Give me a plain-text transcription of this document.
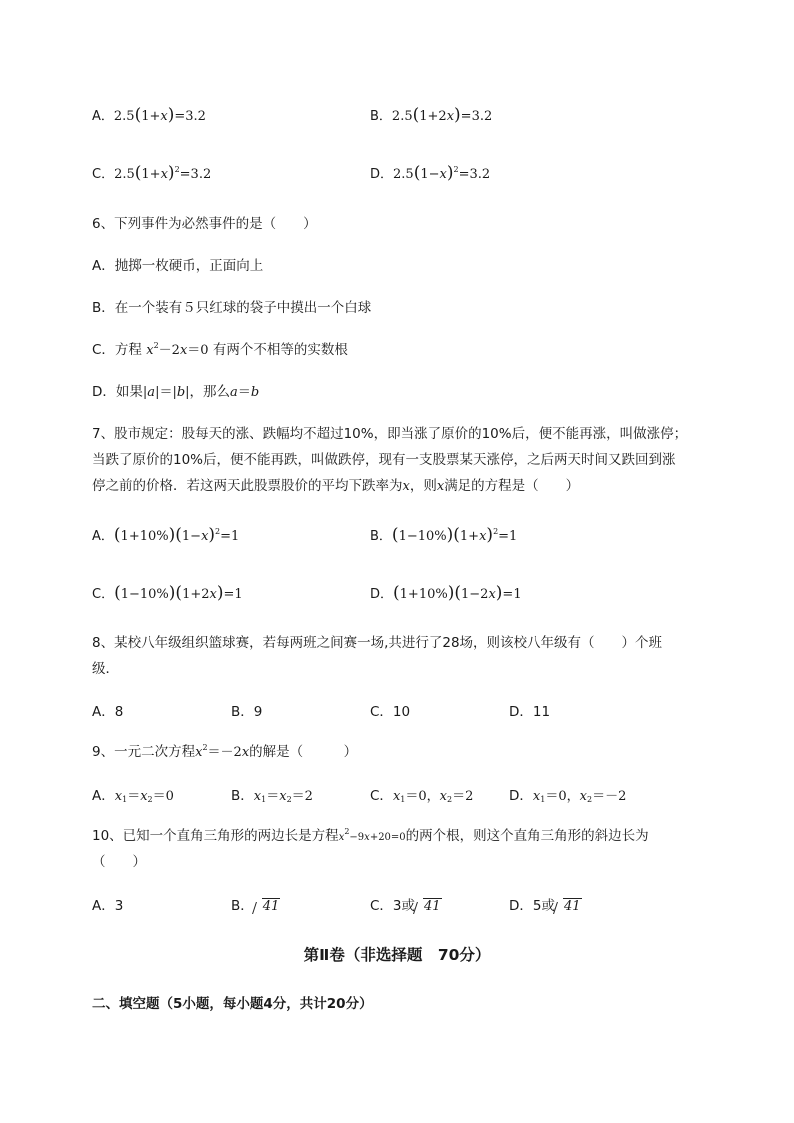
A．2.5(1+x)=3.2	B．2.5(1+2x)=3.2
C．$2.5(1+x)^2=3.2$	D．$2.5(1-x)^2=3.2$
6、下列事件为必然事件的是（　　）
A．抛掷一枚硬币，正面向上
B．在一个装有５只红球的袋子中摸出一个白球
C．方程 $x^2-2x=0$ 有两个不相等的实数根
D．如果|a|＝|b|，那么a＝b
7、股市规定：股每天的涨、跌幅均不超过10%，即当涨了原价的10%后，便不能再涨，叫做涨停；
当跌了原价的10%后，便不能再跌，叫做跌停，现有一支股票某天涨停，之后两天时间又跌回到涨
停之前的价格．若这两天此股票股价的平均下跌率为x，则x满足的方程是（　　）
A．$(1+10\%)(1-x)^2=1$	B．$(1-10\%)(1+x)^2=1$
C．(1−10%)(1+2x)=1	D．(1+10%)(1−2x)=1
8、某校八年级组织篮球赛，若每两班之间赛一场,共进行了28场，则该校八年级有（　　）个班
级．
A．8	B．9	C．10	D．11
9、一元二次方程$x^2=-2x$的解是（　　　）
A．$x_1=x_2=0$	B．$x_1=x_2=2$	C．$x_1=0$，$x_2=2$	D．$x_1=0$，$x_2=-2$
10、已知一个直角三角形的两边长是方程$x^2-9x+20=0$的两个根，则这个直角三角形的斜边长为
（　　）
A．3	B． 41	C．3或 41	D．5或 41
第Ⅱ卷（非选择题　70分）
二、填空题（5小题，每小题4分，共计20分）
